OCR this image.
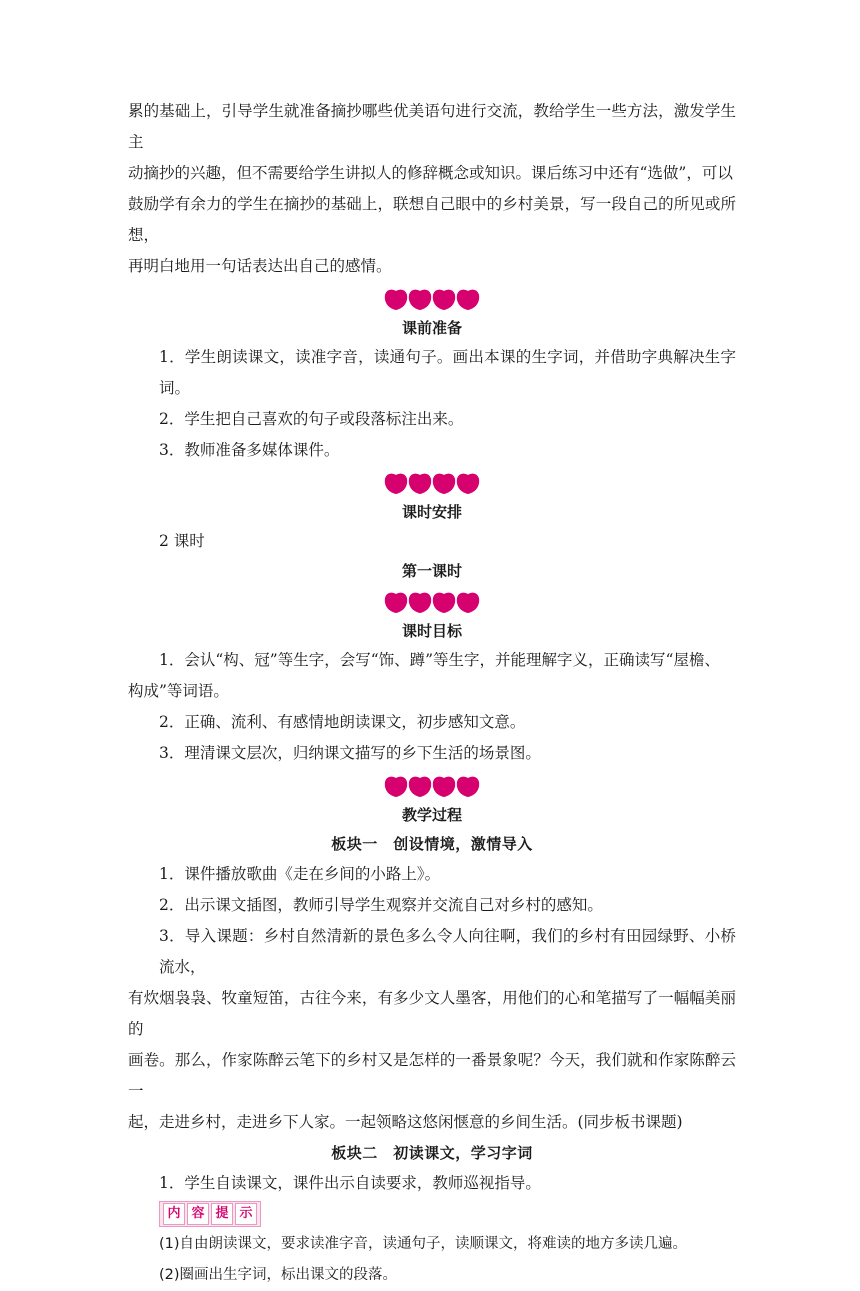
累的基础上，引导学生就准备摘抄哪些优美语句进行交流，教给学生一些方法，激发学生主

动摘抄的兴趣，但不需要给学生讲拟人的修辞概念或知识。课后练习中还有“选做”，可以

鼓励学有余力的学生在摘抄的基础上，联想自己眼中的乡村美景，写一段自己的所见或所想，

再明白地用一句话表达出自己的感情。

课前准备

1．学生朗读课文，读准字音，读通句子。画出本课的生字词，并借助字典解决生字词。

2．学生把自己喜欢的句子或段落标注出来。

3．教师准备多媒体课件。

课时安排

2 课时

第一课时

课时目标

1．会认“构、冠”等生字，会写“饰、蹲”等生字，并能理解字义，正确读写“屋檐、

构成”等词语。

2．正确、流利、有感情地朗读课文，初步感知文意。

3．理清课文层次，归纳课文描写的乡下生活的场景图。

教学过程

板块一　创设情境，激情导入

1．课件播放歌曲《走在乡间的小路上》。

2．出示课文插图，教师引导学生观察并交流自己对乡村的感知。

3．导入课题：乡村自然清新的景色多么令人向往啊，我们的乡村有田园绿野、小桥流水，

有炊烟袅袅、牧童短笛，古往今来，有多少文人墨客，用他们的心和笔描写了一幅幅美丽的

画卷。那么，作家陈醉云笔下的乡村又是怎样的一番景象呢？今天，我们就和作家陈醉云一

起，走进乡村，走进乡下人家。一起领略这悠闲惬意的乡间生活。(同步板书课题)

板块二　初读课文，学习字词

1．学生自读课文，课件出示自读要求，教师巡视指导。

内 容 提 示

(1)自由朗读课文，要求读准字音，读通句子，读顺课文，将难读的地方多读几遍。

(2)圈画出生字词，标出课文的段落。
